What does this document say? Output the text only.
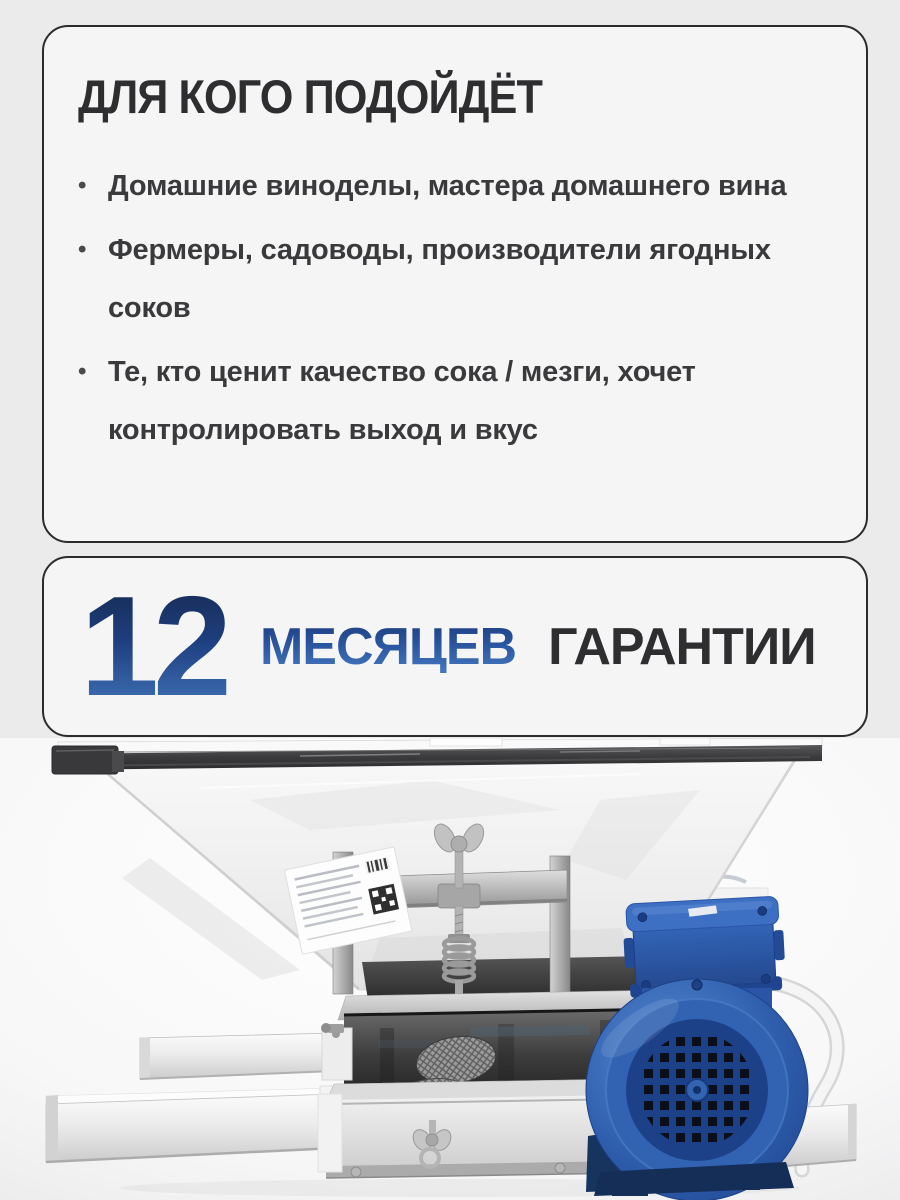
ДЛЯ КОГО ПОДОЙДЁТ
• Домашние виноделы, мастера домашнего вина
• Фермеры, садоводы, производители ягодных соков
• Те, кто ценит качество сока / мезги, хочет контролировать выход и вкус
12 МЕСЯЦЕВ ГАРАНТИИ
